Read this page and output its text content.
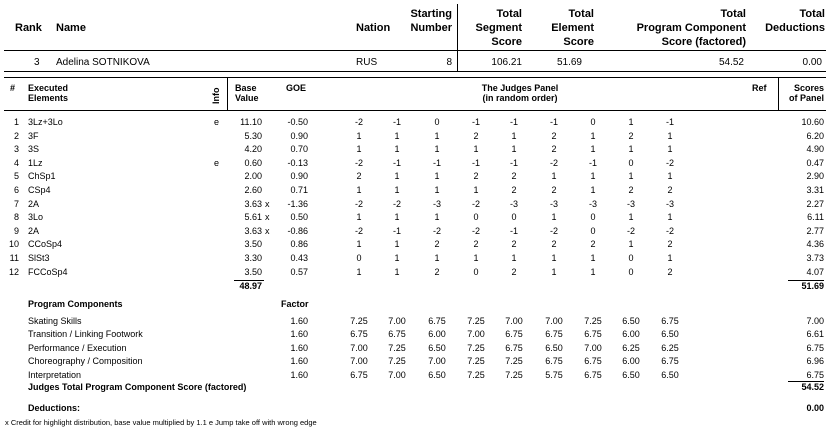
Rank Name	Nation
Starting
Number
Total
Segment
Score
Total
Element
Score
Total
Program Component
Score (factored)
Total
Deductions
3 Adelina SOTNIKOVA	RUS	8	106.21	51.69	54.52	0.00
# Executed
Elements	Info Base
Value
GOE	The Judges Panel
(in random order)
Ref	Scores
of Panel
1 3Lz+3Lo	e	11.10	-0.50	-2	-1	0	-1	-1	-1	0	1	-1	10.60
2 3F	5.30	0.90	1	1	1	2	1	2	1	2	1	6.20
3 3S	4.20	0.70	1	1	1	1	1	2	1	1	1	4.90
4 1Lz	e	0.60	-0.13	-2	-1	-1	-1	-1	-2	-1	0	-2	0.47
5 ChSp1	2.00	0.90	2	1	1	2	2	1	1	1	1	2.90
6 CSp4	2.60	0.71	1	1	1	1	2	2	1	2	2	3.31
7 2A	3.63 x	-1.36	-2	-2	-3	-2	-3	-3	-3	-3	-3	2.27
8 3Lo	5.61 x	0.50	1	1	1	0	0	1	0	1	1	6.11
9 2A	3.63 x	-0.86	-2	-1	-2	-2	-1	-2	0	-2	-2	2.77
10 CCoSp4	3.50	0.86	1	1	2	2	2	2	2	1	2	4.36
11 SlSt3	3.30	0.43	0	1	1	1	1	1	1	0	1	3.73
12 FCCoSp4	3.50	0.57	1	1	2	0	2	1	1	0	2	4.07
48.97	51.69
Program Components	Factor
Skating Skills	1.60	7.25	7.00	6.75	7.25	7.00	7.00	7.25	6.50	6.75	7.00
Transition / Linking Footwork	1.60	6.75	6.75	6.00	7.00	6.75	6.75	6.75	6.00	6.50	6.61
Performance / Execution	1.60	7.00	7.25	6.50	7.25	6.75	6.50	7.00	6.25	6.25	6.75
Choreography / Composition	1.60	7.00	7.25	7.00	7.25	7.25	6.75	6.75	6.00	6.75	6.96
Interpretation	1.60	6.75	7.00	6.50	7.25	7.25	5.75	6.75	6.50	6.50	6.75
Judges Total Program Component Score (factored)	54.52
Deductions:	0.00
x Credit for highlight distribution, base value multiplied by 1.1 e Jump take off with wrong edge
